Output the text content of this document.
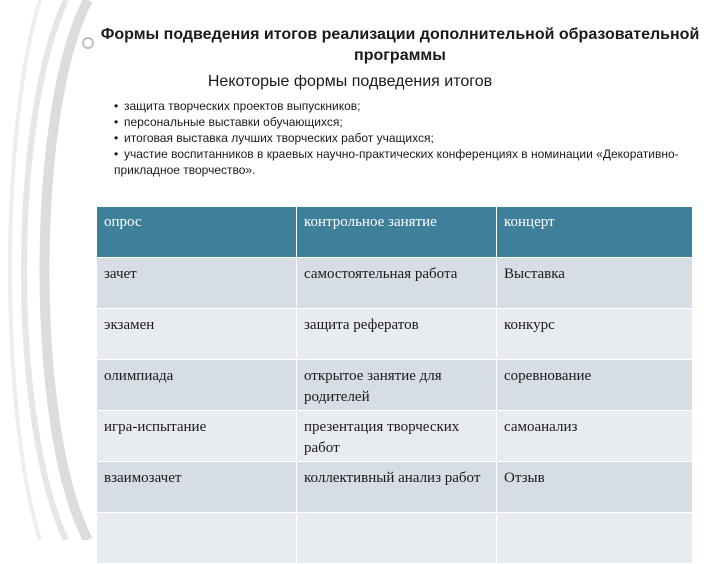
Формы подведения итогов реализации дополнительной образовательной программы
Некоторые формы подведения итогов
• защита творческих проектов выпускников;
• персональные выставки обучающихся;
• итоговая выставка лучших творческих работ учащихся;
• участие воспитанников в краевых научно-практических конференциях в номинации «Декоративно-прикладное творчество».
опрос	контрольное занятие	концерт
зачет	самостоятельная работа	Выставка
экзамен	защита рефератов	конкурс
олимпиада	открытое занятие для родителей	соревнование
игра-испытание	презентация творческих работ	самоанализ
взаимозачет	коллективный анализ работ	Отзыв
